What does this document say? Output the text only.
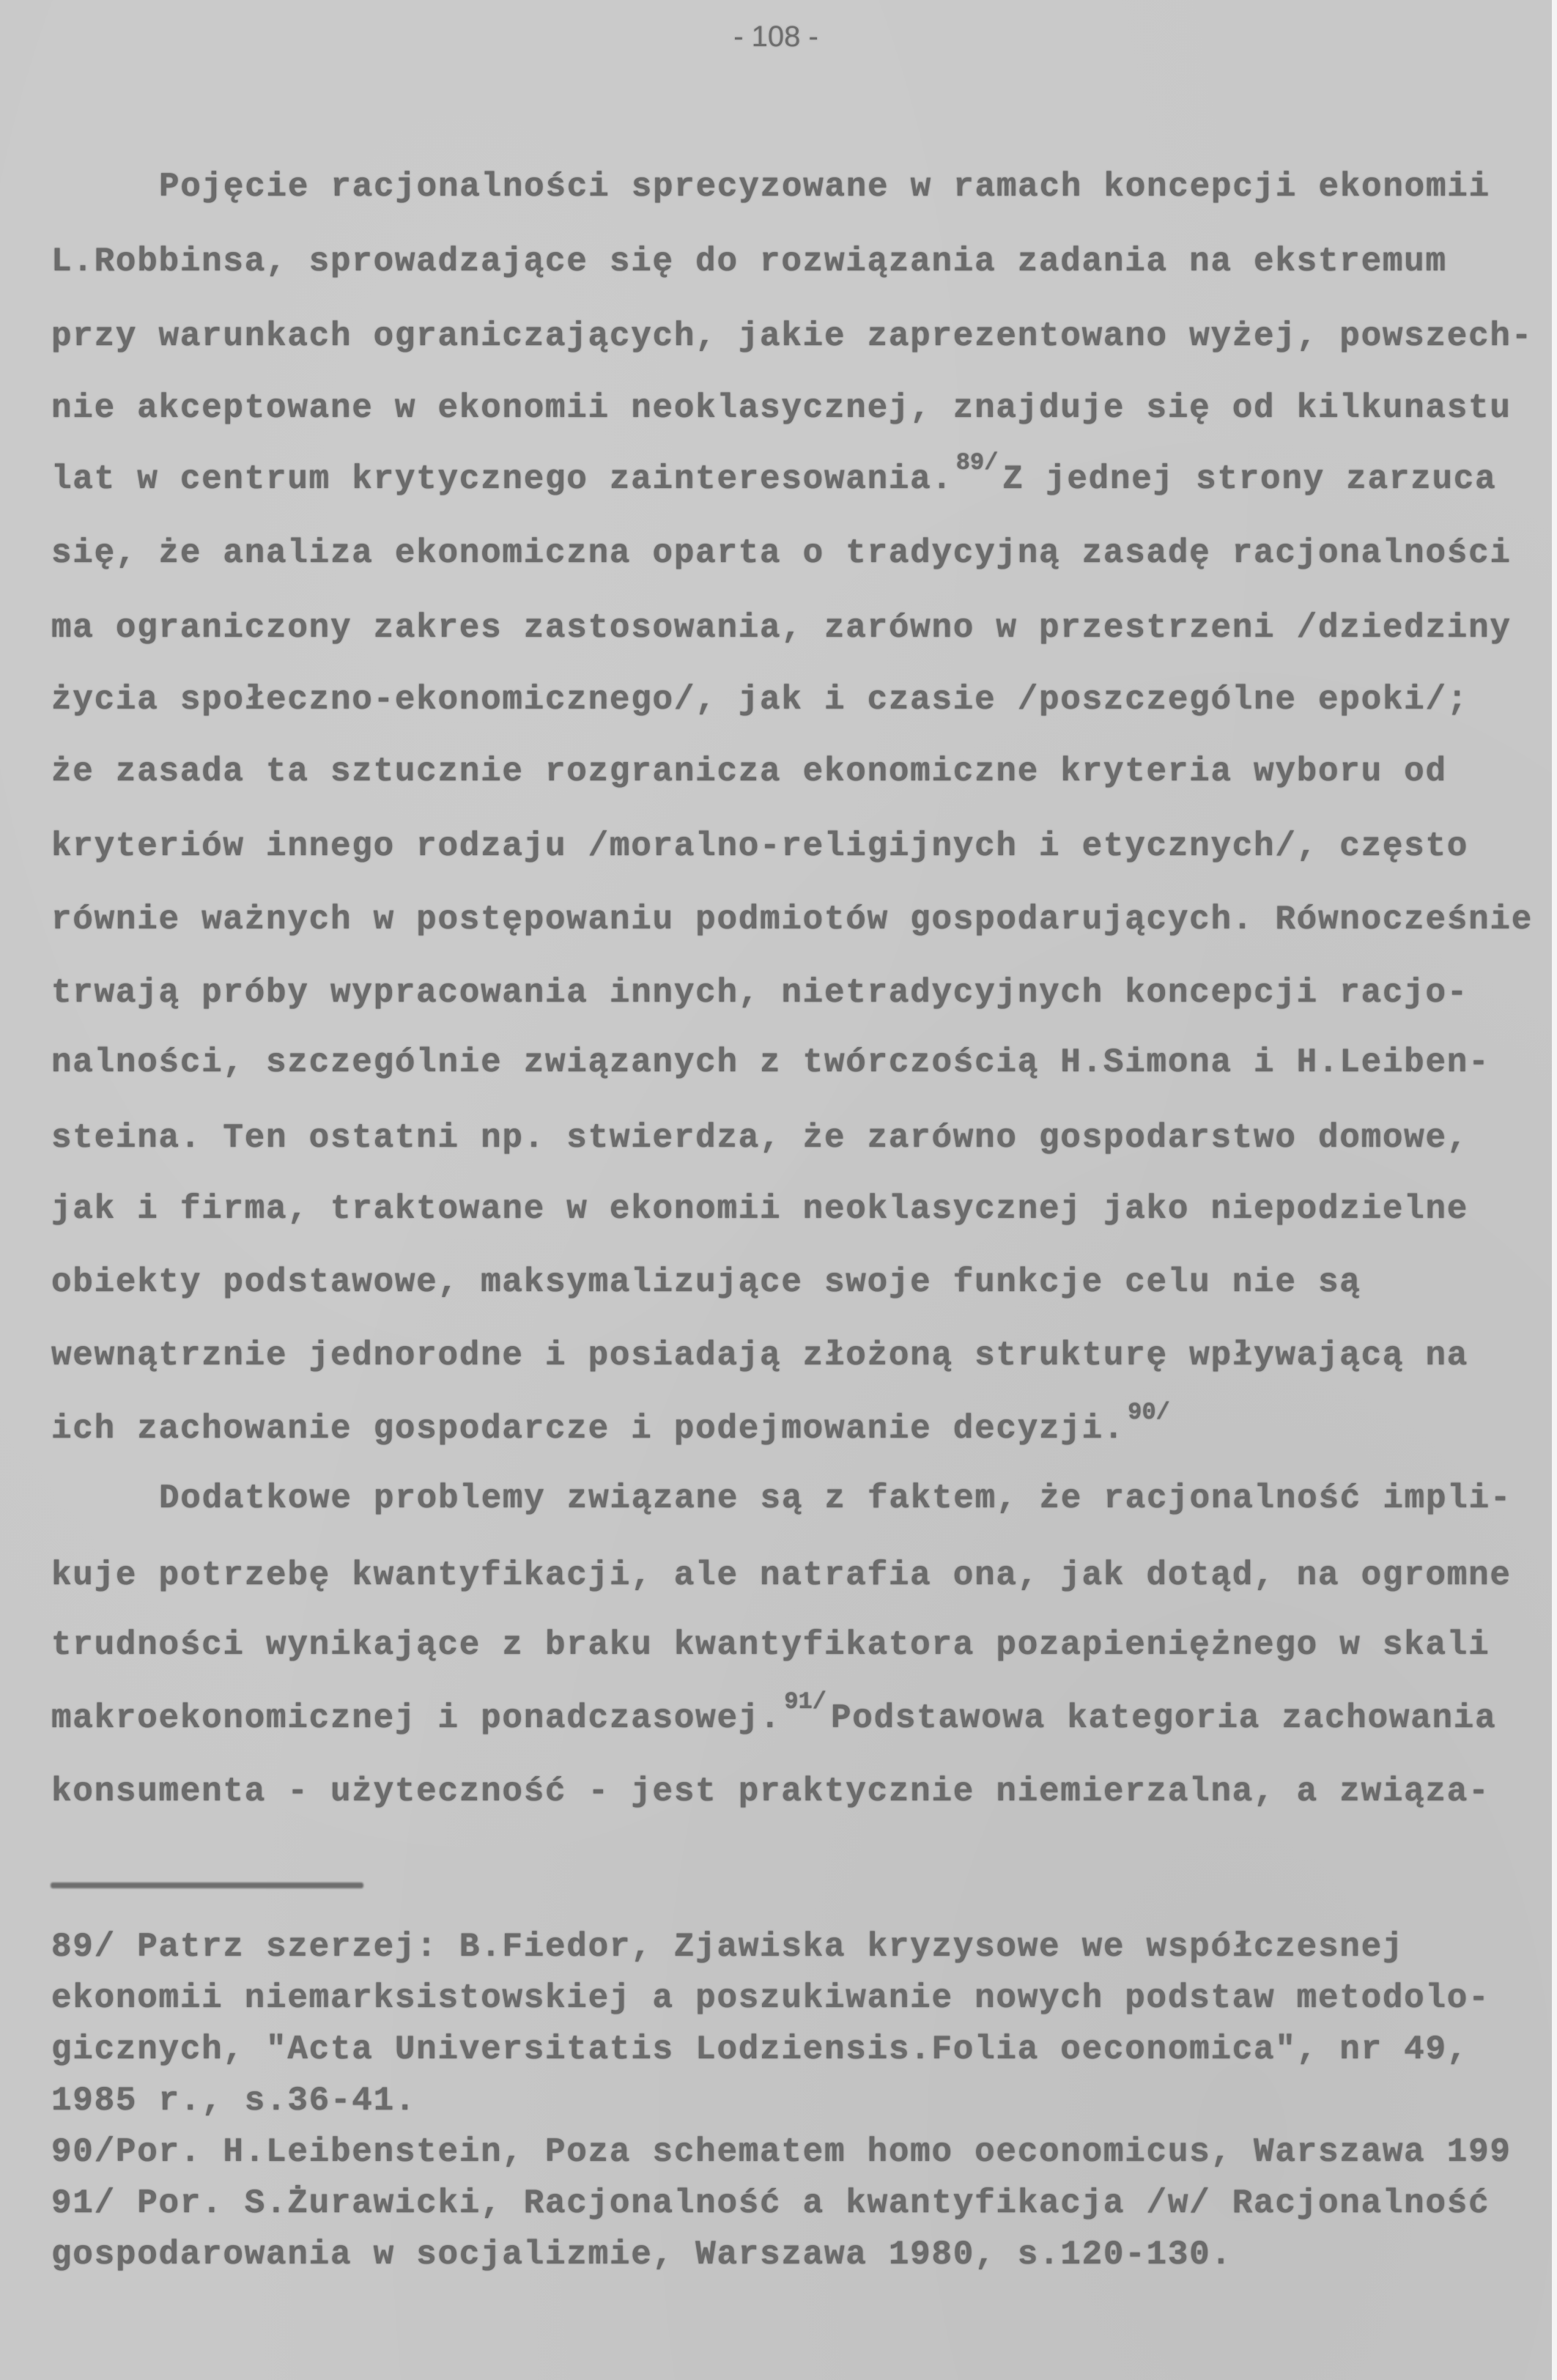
- 108 -
Pojęcie racjonalności sprecyzowane w ramach koncepcji ekonomii
L.Robbinsa, sprowadzające się do rozwiązania zadania na ekstremum
przy warunkach ograniczających, jakie zaprezentowano wyżej, powszech-
nie akceptowane w ekonomii neoklasycznej, znajduje się od kilkunastu
lat w centrum krytycznego zainteresowania. $^{89/}$ Z jednej strony zarzuca
się, że analiza ekonomiczna oparta o tradycyjną zasadę racjonalności
ma ograniczony zakres zastosowania, zarówno w przestrzeni /dziedziny
życia społeczno-ekonomicznego/, jak i czasie /poszczególne epoki/;
że zasada ta sztucznie rozgranicza ekonomiczne kryteria wyboru od
kryteriów innego rodzaju /moralno-religijnych i etycznych/, często
równie ważnych w postępowaniu podmiotów gospodarujących. Równocześnie
trwają próby wypracowania innych, nietradycyjnych koncepcji racjo-
nalności, szczególnie związanych z twórczością H.Simona i H.Leiben-
steina. Ten ostatni np. stwierdza, że zarówno gospodarstwo domowe,
jak i firma, traktowane w ekonomii neoklasycznej jako niepodzielne
obiekty podstawowe, maksymalizujące swoje funkcje celu nie są
wewnątrznie jednorodne i posiadają złożoną strukturę wpływającą na
ich zachowanie gospodarcze i podejmowanie decyzji. $^{90/}$
Dodatkowe problemy związane są z faktem, że racjonalność impli-
kuje potrzebę kwantyfikacji, ale natrafia ona, jak dotąd, na ogromne
trudności wynikające z braku kwantyfikatora pozapieniężnego w skali
makroekonomicznej i ponadczasowej. $^{91/}$ Podstawowa kategoria zachowania
konsumenta - użyteczność - jest praktycznie niemierzalna, a związa-
89/ Patrz szerzej: B.Fiedor, Zjawiska kryzysowe we współczesnej
ekonomii niemarksistowskiej a poszukiwanie nowych podstaw metodolo-
gicznych, "Acta Universitatis Lodziensis.Folia oeconomica", nr 49,
1985 r., s.36-41.
90/Por. H.Leibenstein, Poza schematem homo oeconomicus, Warszawa 199
91/ Por. S.Żurawicki, Racjonalność a kwantyfikacja /w/ Racjonalność
gospodarowania w socjalizmie, Warszawa 1980, s.120-130.
